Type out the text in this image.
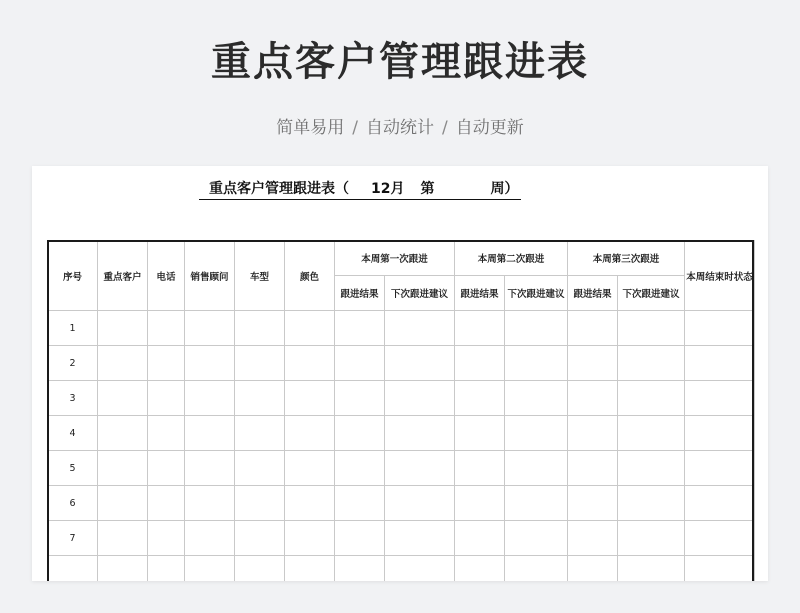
重点客户管理跟进表
简单易用 / 自动统计 / 自动更新
重点客户管理跟进表（ 12月 第	周）
序号	重点客户	电话	销售顾问	车型	颜色	本周第一次跟进		本周第二次跟进		本周第三次跟进		本周结束时状态
						跟进结果	下次跟进建议	跟进结果	下次跟进建议	跟进结果	下次跟进建议	
1												
2												
3												
4												
5												
6												
7												
